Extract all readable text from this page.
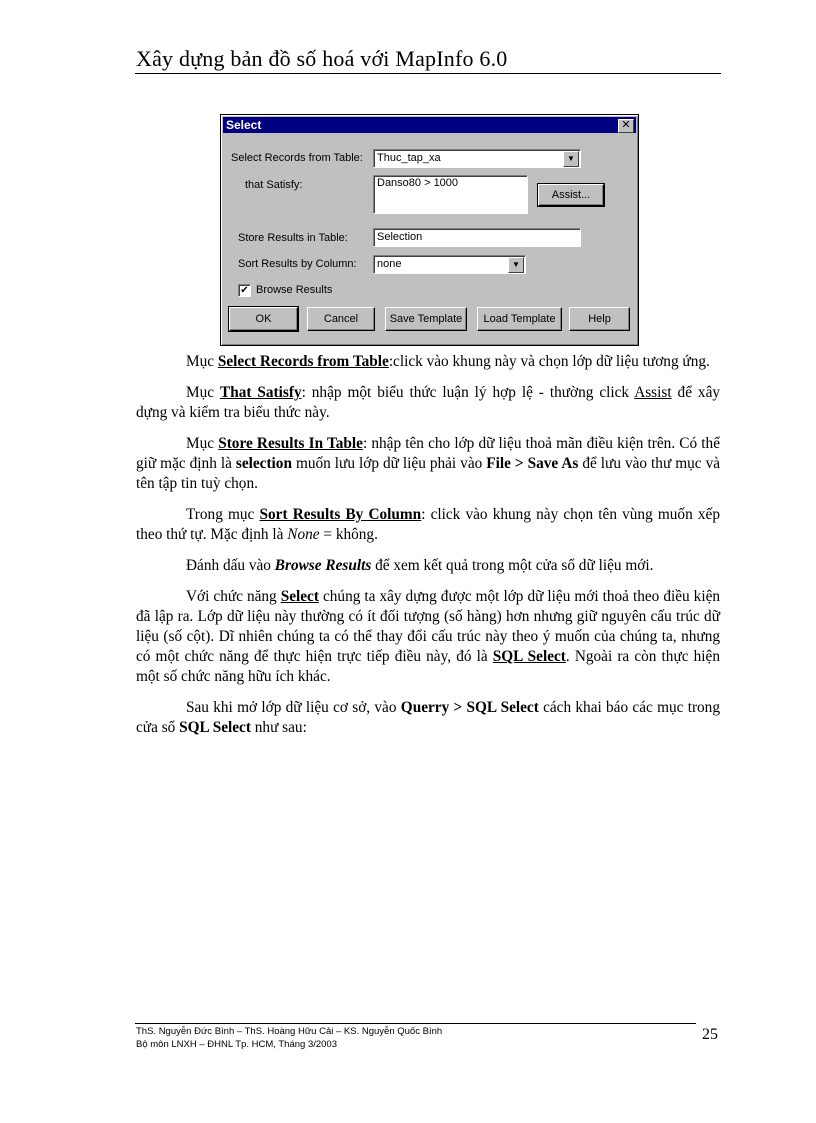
Xây dựng bản đồ số hoá với MapInfo 6.0
Select	✕
Select Records from Table:	Thuc_tap_xa	▼
that Satisfy:	Danso80 > 1000
Assist...
Store Results in Table:	Selection
Sort Results by Column:	none	▼
✔ Browse Results
OK	Cancel	Save Template	Load Template	Help

Mục Select Records from Table:click vào khung này và chọn lớp dữ liệu tương ứng.

Mục That Satisfy: nhập một biểu thức luận lý hợp lệ - thường click Assist để xây dựng và kiểm tra biểu thức này.

Mục Store Results In Table: nhập tên cho lớp dữ liệu thoả mãn điều kiện trên. Có thể giữ mặc định là selection muốn lưu lớp dữ liệu phải vào File > Save As để lưu vào thư mục và tên tập tin tuỳ chọn.

Trong mục Sort Results By Column: click vào khung này chọn tên vùng muốn xếp theo thứ tự. Mặc định là None = không.

Đánh dấu vào Browse Results để xem kết quả trong một cửa sổ dữ liệu mới.

Với chức năng Select chúng ta xây dựng được một lớp dữ liệu mới thoả theo điều kiện đã lập ra. Lớp dữ liệu này thường có ít đối tượng (số hàng) hơn nhưng giữ nguyên cấu trúc dữ liệu (số cột). Dĩ nhiên chúng ta có thể thay đổi cấu trúc này theo ý muốn của chúng ta, nhưng có một chức năng để thực hiện trực tiếp điều này, đó là SQL Select. Ngoài ra còn thực hiện một số chức năng hữu ích khác.

Sau khi mở lớp dữ liệu cơ sở, vào Querry > SQL Select cách khai báo các mục trong cửa sổ SQL Select như sau:

ThS. Nguyễn Đức Bình – ThS. Hoàng Hữu Cải – KS. Nguyễn Quốc Bình
Bộ môn LNXH – ĐHNL Tp. HCM, Tháng 3/2003
25
